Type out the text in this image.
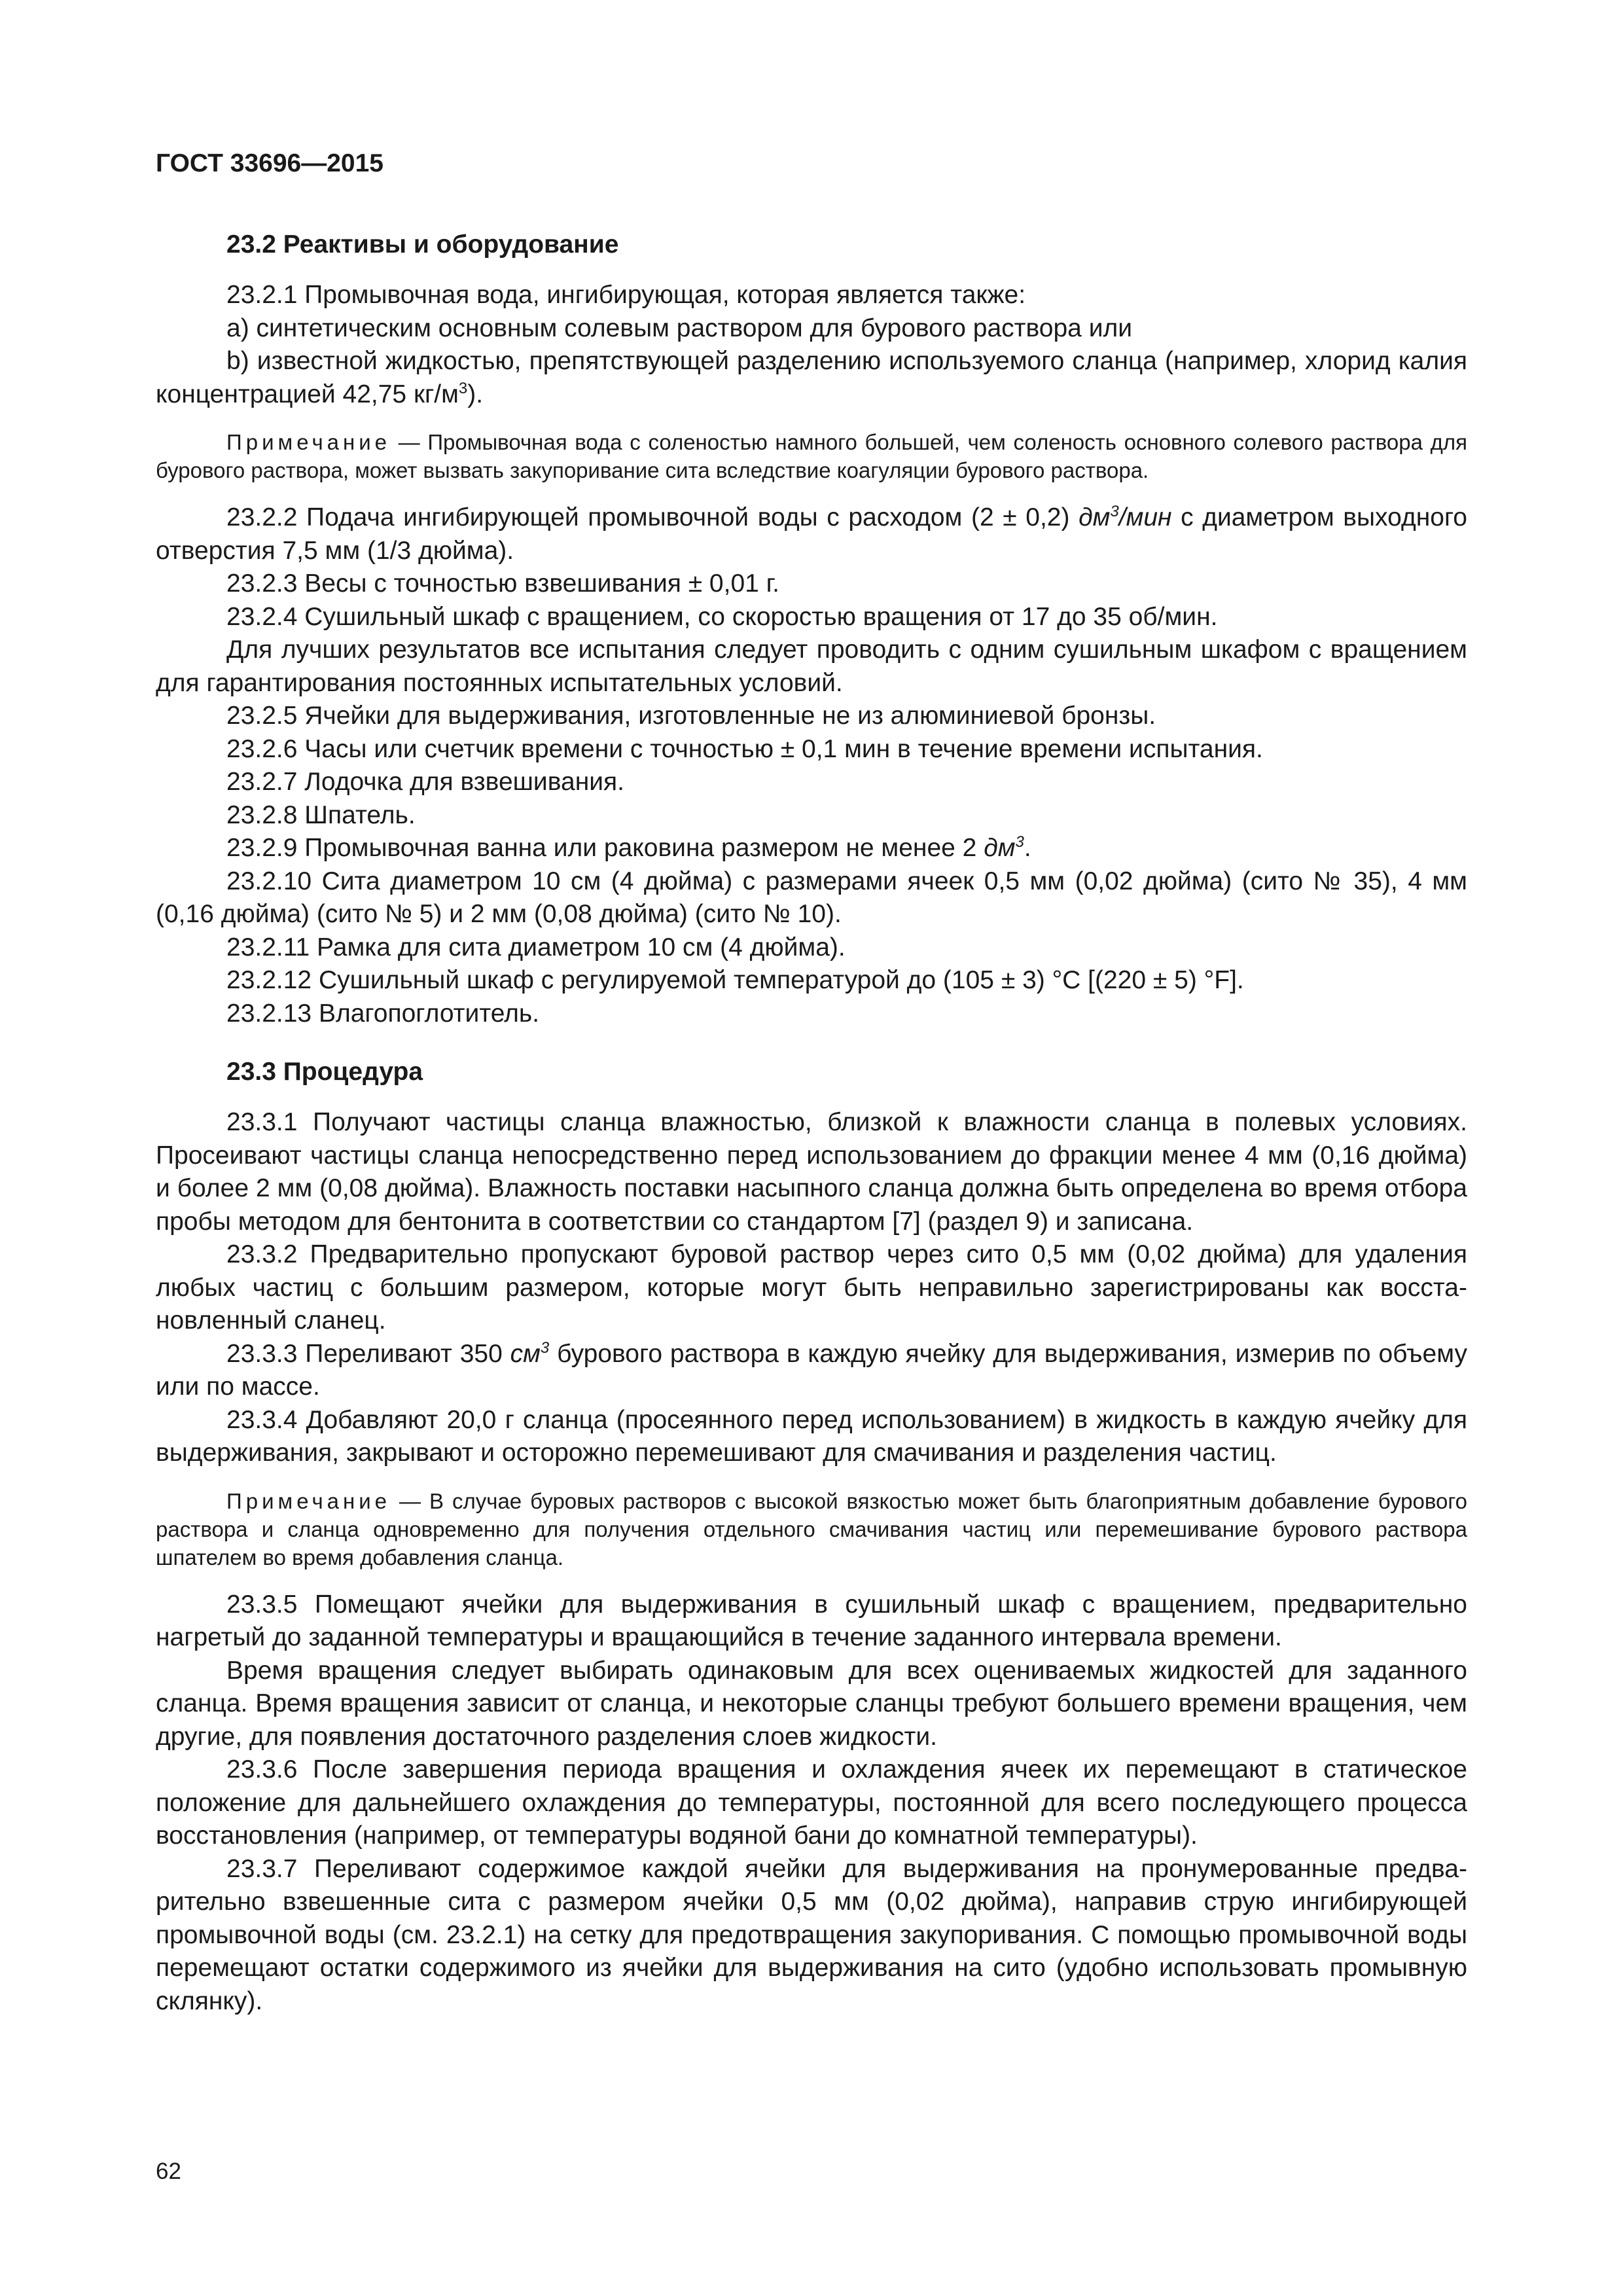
ГОСТ 33696—2015
23.2 Реактивы и оборудование

23.2.1 Промывочная вода, ингибирующая, которая является также:

a) синтетическим основным солевым раствором для бурового раствора или

b) известной жидкостью, препятствующей разделению используемого сланца (например, хлорид калия концентрацией 42,75 $кг/м^3$).

Примечание — Промывочная вода с соленостью намного большей, чем соленость основного солевого раствора для бурового раствора, может вызвать закупоривание сита вследствие коагуляции бурового раствора.

23.2.2 Подача ингибирующей промывочной воды с расходом (2 ± 0,2) $дм^3$/мин с диаметром выходного отверстия 7,5 мм (1/3 дюйма).

23.2.3 Весы с точностью взвешивания ± 0,01 г.

23.2.4 Сушильный шкаф с вращением, со скоростью вращения от 17 до 35 об/мин.

Для лучших результатов все испытания следует проводить с одним сушильным шкафом с вращением для гарантирования постоянных испытательных условий.

23.2.5 Ячейки для выдерживания, изготовленные не из алюминиевой бронзы.

23.2.6 Часы или счетчик времени с точностью ± 0,1 мин в течение времени испытания.

23.2.7 Лодочка для взвешивания.

23.2.8 Шпатель.

23.2.9 Промывочная ванна или раковина размером не менее 2 $дм^3$.

23.2.10 Сита диаметром 10 см (4 дюйма) с размерами ячеек 0,5 мм (0,02 дюйма) (сито № 35), 4 мм (0,16 дюйма) (сито № 5) и 2 мм (0,08 дюйма) (сито № 10).

23.2.11 Рамка для сита диаметром 10 см (4 дюйма).

23.2.12 Сушильный шкаф с регулируемой температурой до (105 ± 3) °С [(220 ± 5) °F].

23.2.13 Влагопоглотитель.

23.3 Процедура

23.3.1 Получают частицы сланца влажностью, близкой к влажности сланца в полевых условиях. Просеивают частицы сланца непосредственно перед использованием до фракции менее 4 мм (0,16 дюйма) и более 2 мм (0,08 дюйма). Влажность поставки насыпного сланца должна быть определена во время отбора пробы методом для бентонита в соответствии со стандартом [7] (раздел 9) и записана.

23.3.2 Предварительно пропускают буровой раствор через сито 0,5 мм (0,02 дюйма) для удаления любых частиц с большим размером, которые могут быть неправильно зарегистрированы как восстановленный сланец.

23.3.3 Переливают 350 $см^3$ бурового раствора в каждую ячейку для выдерживания, измерив по объему или по массе.

23.3.4 Добавляют 20,0 г сланца (просеянного перед использованием) в жидкость в каждую ячейку для выдерживания, закрывают и осторожно перемешивают для смачивания и разделения частиц.

Примечание — В случае буровых растворов с высокой вязкостью может быть благоприятным добавление бурового раствора и сланца одновременно для получения отдельного смачивания частиц или перемешивание бурового раствора шпателем во время добавления сланца.

23.3.5 Помещают ячейки для выдерживания в сушильный шкаф с вращением, предварительно нагретый до заданной температуры и вращающийся в течение заданного интервала времени.

Время вращения следует выбирать одинаковым для всех оцениваемых жидкостей для заданного сланца. Время вращения зависит от сланца, и некоторые сланцы требуют большего времени вращения, чем другие, для появления достаточного разделения слоев жидкости.

23.3.6 После завершения периода вращения и охлаждения ячеек их перемещают в статическое положение для дальнейшего охлаждения до температуры, постоянной для всего последующего процесса восстановления (например, от температуры водяной бани до комнатной температуры).

23.3.7 Переливают содержимое каждой ячейки для выдерживания на пронумерованные предварительно взвешенные сита с размером ячейки 0,5 мм (0,02 дюйма), направив струю ингибирующей промывочной воды (см. 23.2.1) на сетку для предотвращения закупоривания. С помощью промывочной воды перемещают остатки содержимого из ячейки для выдерживания на сито (удобно использовать промывную склянку).

62
